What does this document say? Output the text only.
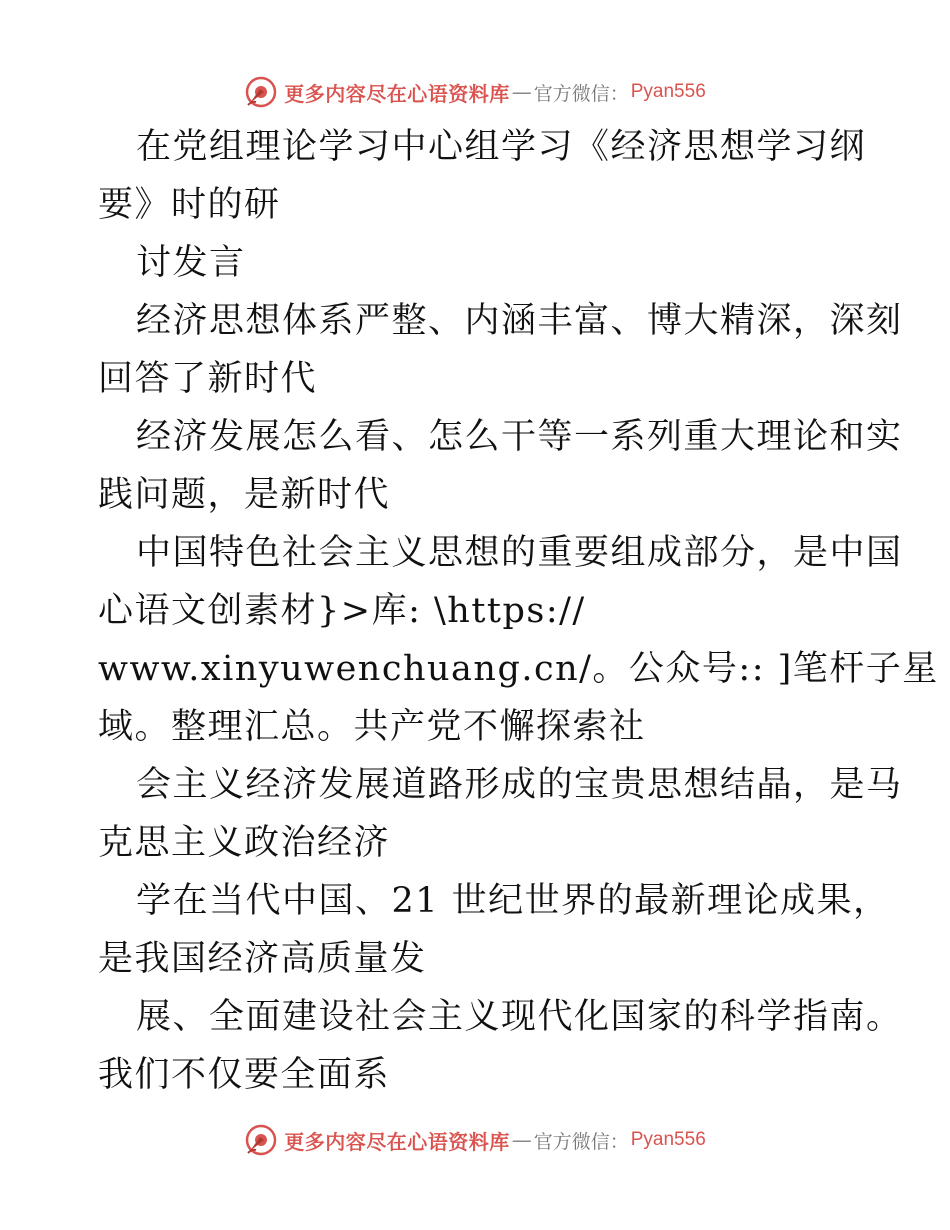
更多内容尽在心语资料库 — 官方微信： Pyan556
在党组理论学习中心组学习《经济思想学习纲
要》时的研
讨发言
经济思想体系严整、内涵丰富、博大精深，深刻
回答了新时代
经济发展怎么看、怎么干等一系列重大理论和实
践问题，是新时代
中国特色社会主义思想的重要组成部分，是中国
心语文创素材}>库: \https://
www.xinyuwenchuang.cn/。公众号:: ]笔杆子星
域。整理汇总。共产党不懈探索社
会主义经济发展道路形成的宝贵思想结晶，是马
克思主义政治经济
学在当代中国、21 世纪世界的最新理论成果，
是我国经济高质量发
展、全面建设社会主义现代化国家的科学指南。
我们不仅要全面系
更多内容尽在心语资料库 — 官方微信： Pyan556
